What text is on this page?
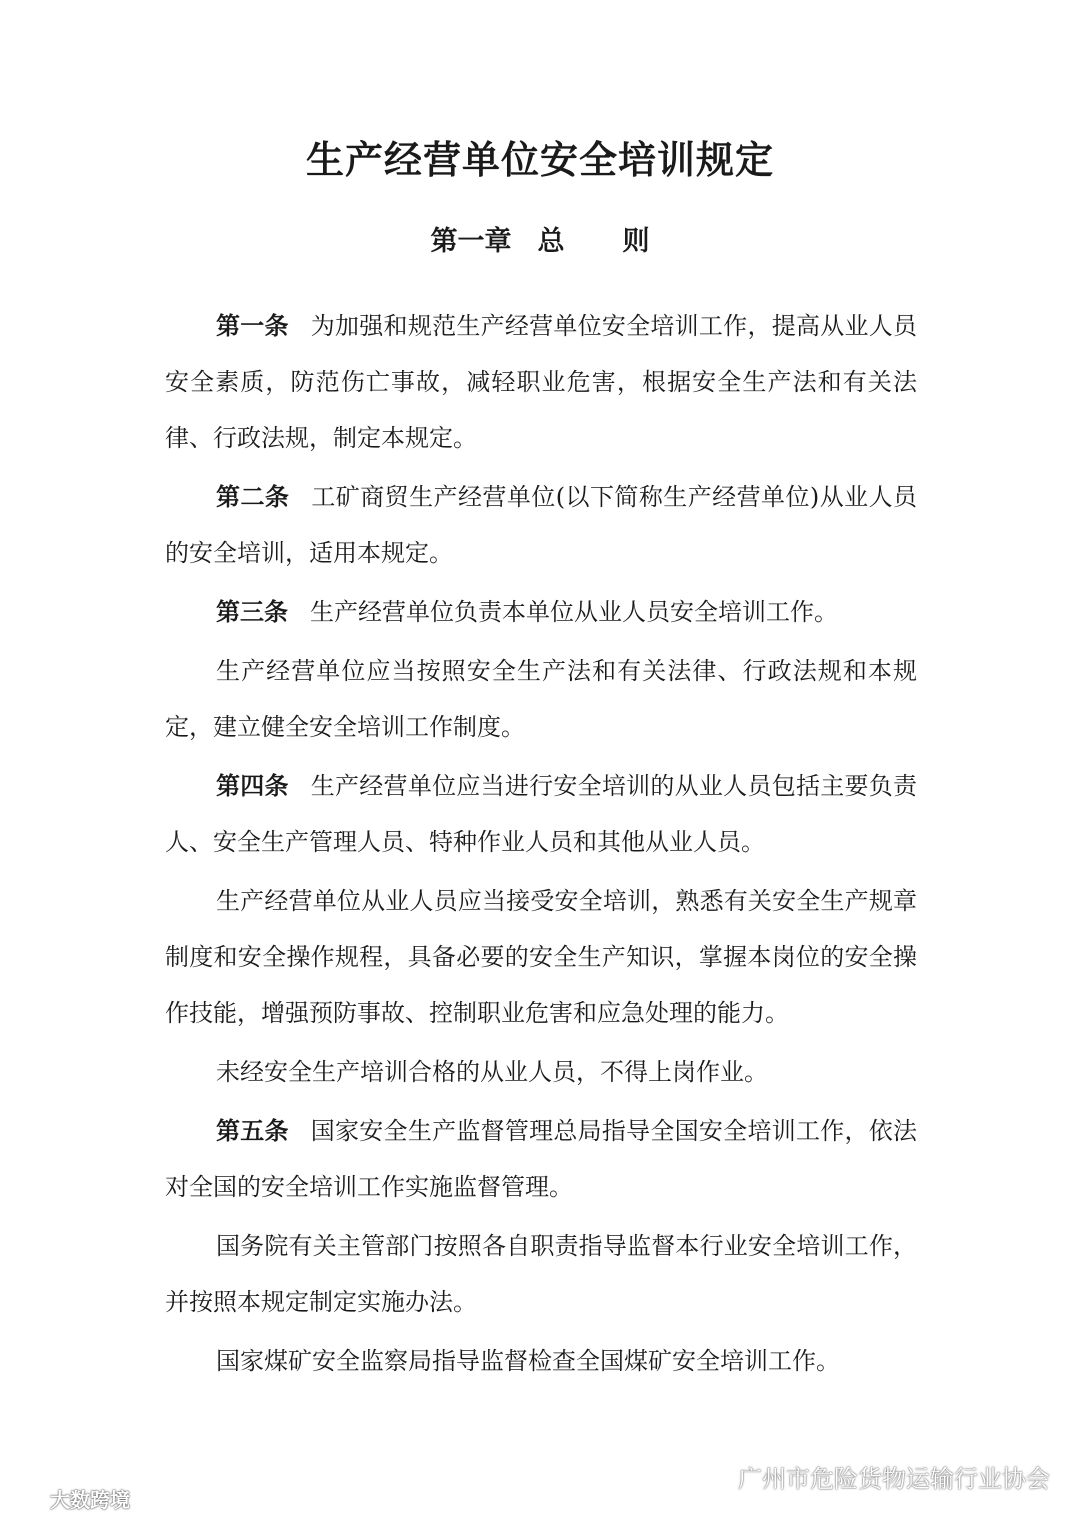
生产经营单位安全培训规定
第一章 总 则

第一条 为加强和规范生产经营单位安全培训工作，提高从业人员安全素质，防范伤亡事故，减轻职业危害，根据安全生产法和有关法律、行政法规，制定本规定。

第二条 工矿商贸生产经营单位(以下简称生产经营单位)从业人员的安全培训，适用本规定。

第三条 生产经营单位负责本单位从业人员安全培训工作。

生产经营单位应当按照安全生产法和有关法律、行政法规和本规定，建立健全安全培训工作制度。

第四条 生产经营单位应当进行安全培训的从业人员包括主要负责人、安全生产管理人员、特种作业人员和其他从业人员。

生产经营单位从业人员应当接受安全培训，熟悉有关安全生产规章制度和安全操作规程，具备必要的安全生产知识，掌握本岗位的安全操作技能，增强预防事故、控制职业危害和应急处理的能力。

未经安全生产培训合格的从业人员，不得上岗作业。

第五条 国家安全生产监督管理总局指导全国安全培训工作，依法对全国的安全培训工作实施监督管理。

国务院有关主管部门按照各自职责指导监督本行业安全培训工作，并按照本规定制定实施办法。

国家煤矿安全监察局指导监督检查全国煤矿安全培训工作。

广州市危险货物运输行业协会
大数跨境
